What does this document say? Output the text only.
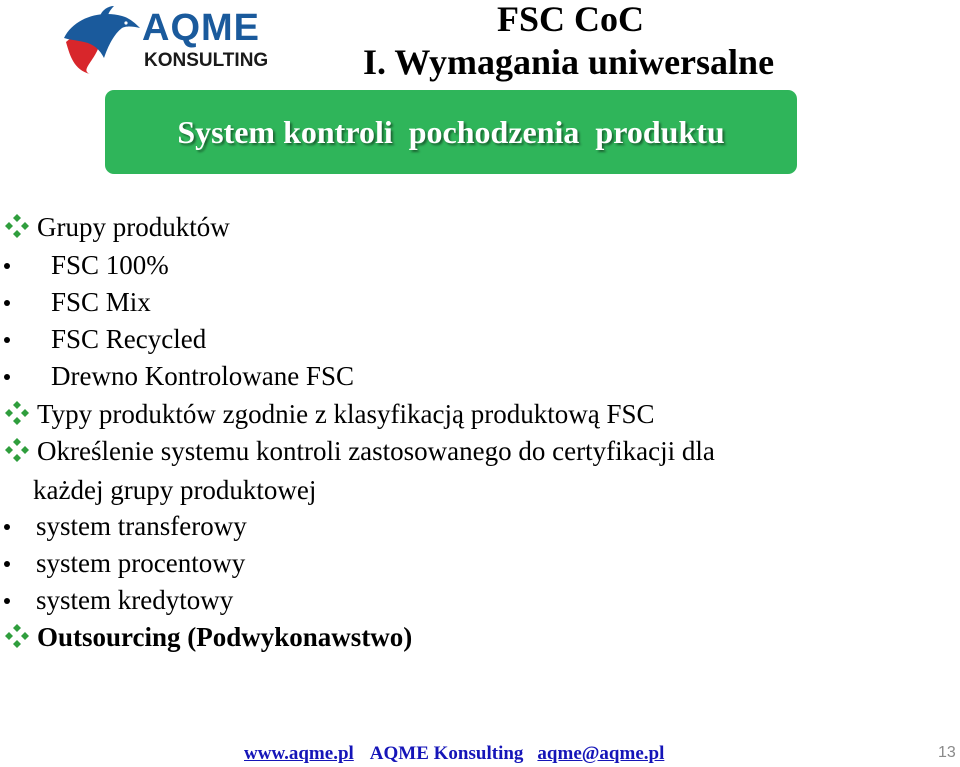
AQME
KONSULTING
FSC CoC
I. Wymagania uniwersalne
System kontroli  pochodzenia  produktu
Grupy produktów
FSC 100%
FSC Mix
FSC Recycled
Drewno Kontrolowane FSC
Typy produktów zgodnie z klasyfikacją produktową FSC
Określenie systemu kontroli zastosowanego do certyfikacji dla
każdej grupy produktowej
system transferowy
system procentowy
system kredytowy
Outsourcing (Podwykonawstwo)
www.aqme.pl AQME Konsulting aqme@aqme.pl	13
